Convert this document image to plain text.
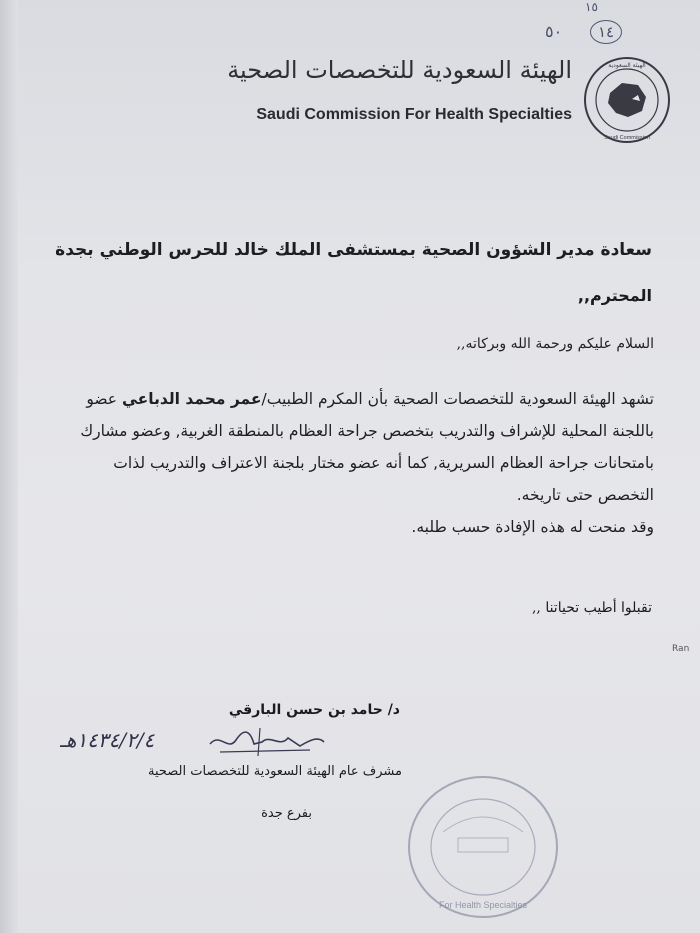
١٥
١٤
٥٠
الهيئة السعودية للتخصصات الصحية
Saudi Commission For Health Specialties
الهيئة السعودية
Saudi Commission
سعادة مدير الشؤون الصحية بمستشفى الملك خالد للحرس الوطني بجدة
المحترم,,
السلام عليكم ورحمة الله وبركاته,,
تشهد الهيئة السعودية للتخصصات الصحية بأن المكرم الطبيب/عمر محمد الدباعي عضو باللجنة المحلية للإشراف والتدريب بتخصص جراحة العظام بالمنطقة الغربية, وعضو مشارك بامتحانات جراحة العظام السريرية, كما أنه عضو مختار بلجنة الاعتراف والتدريب لذات التخصص حتى تاريخه.
وقد منحت له هذه الإفادة حسب طلبه.
تقبلوا أطيب تحياتنا ,,
Ran
د/ حامد بن حسن البارقي
١٤٣٤/٢/٤هـ
مشرف عام الهيئة السعودية للتخصصات الصحية
بفرع جدة
For Health Specialties
